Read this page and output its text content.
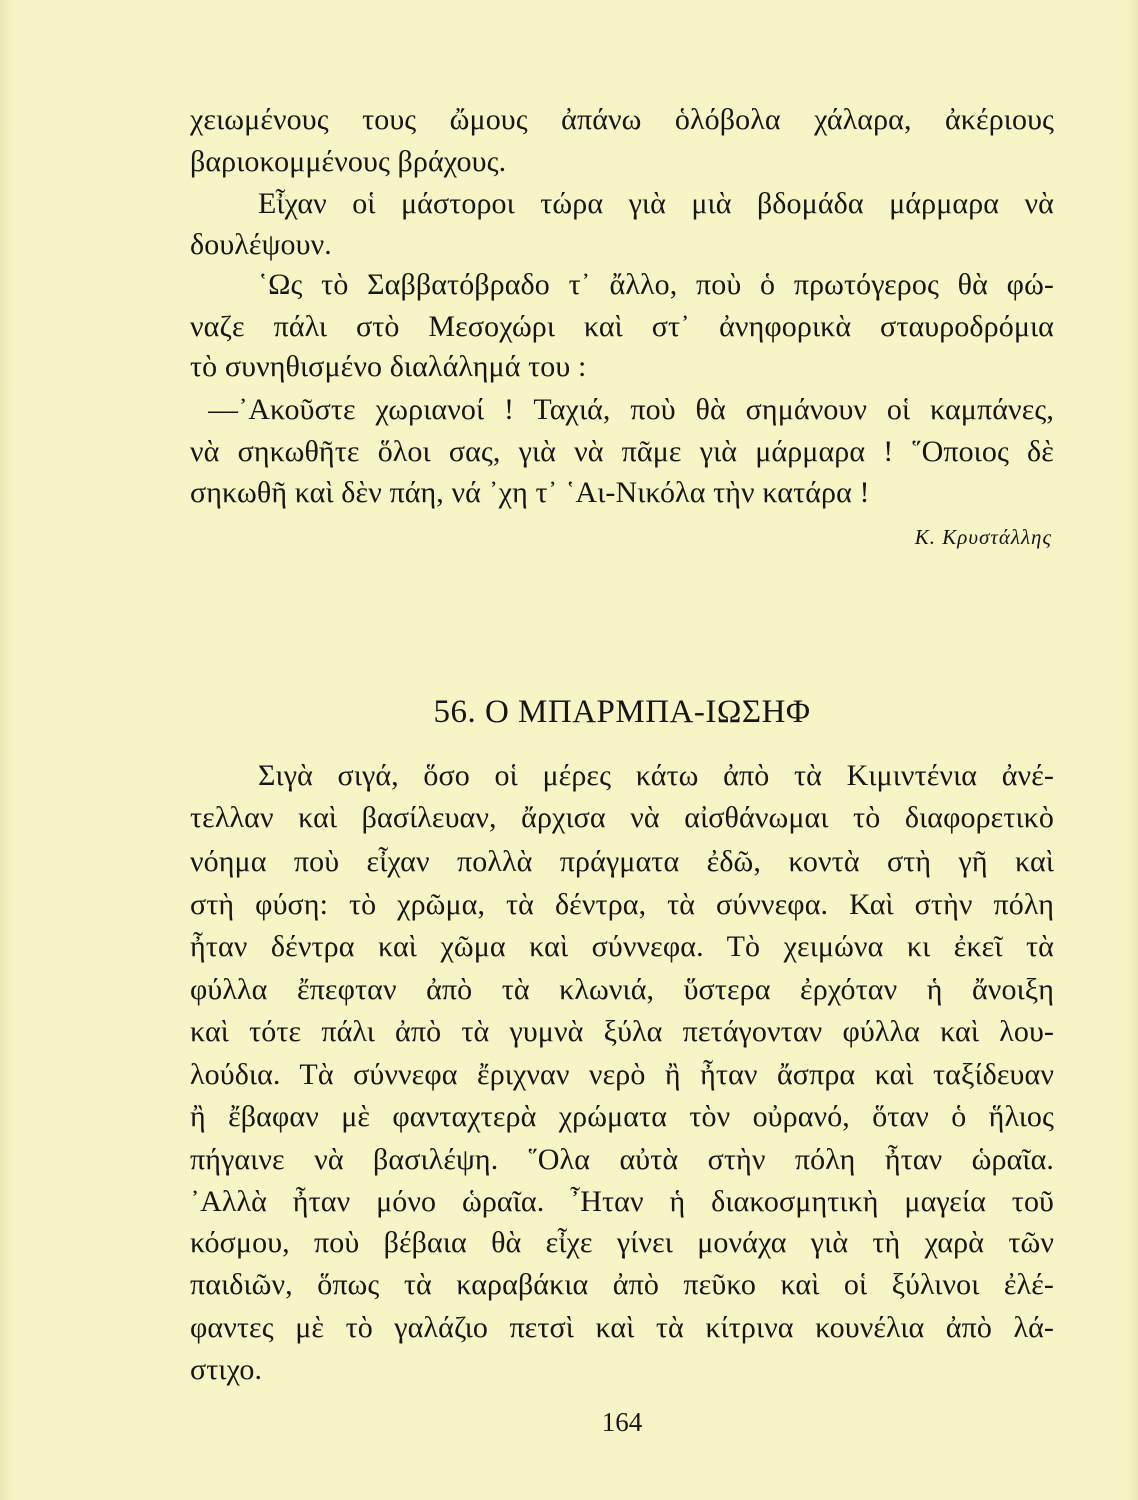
χειωμένους τους ὤμους ἀπάνω ὁλόβολα χάλαρα, ἀκέριους
βαριοκομμένους βράχους.
Εἶχαν οἱ μάστοροι τώρα γιὰ μιὰ βδομάδα μάρμαρα νὰ
δουλέψουν.
῾Ως τὸ Σαββατόβραδο τ᾿ ἄλλο, ποὺ ὁ πρωτόγερος θὰ φώ-
ναζε πάλι στὸ Μεσοχώρι καὶ στ᾿ ἀνηφορικὰ σταυροδρόμια
τὸ συνηθισμένο διαλάλημά του :
—᾿Ακοῦστε χωριανοί ! Ταχιά, ποὺ θὰ σημάνουν οἱ καμπάνες,
νὰ σηκωθῆτε ὅλοι σας, γιὰ νὰ πᾶμε γιὰ μάρμαρα ! ῞Οποιος δὲ
σηκωθῆ καὶ δὲν πάη, νά ᾿χη τ᾿ ῾Αι-Νικόλα τὴν κατάρα !
Κ. Κρυστάλλης
56. Ο ΜΠΑΡΜΠΑ-ΙΩΣΗΦ
Σιγὰ σιγά, ὅσο οἱ μέρες κάτω ἀπὸ τὰ Κιμιντένια ἀνέ-
τελλαν καὶ βασίλευαν, ἄρχισα νὰ αἰσθάνωμαι τὸ διαφορετικὸ
νόημα ποὺ εἶχαν πολλὰ πράγματα ἐδῶ, κοντὰ στὴ γῆ καὶ
στὴ φύση: τὸ χρῶμα, τὰ δέντρα, τὰ σύννεφα. Καὶ στὴν πόλη
ἦταν δέντρα καὶ χῶμα καὶ σύννεφα. Τὸ χειμώνα κι ἐκεῖ τὰ
φύλλα ἔπεφταν ἀπὸ τὰ κλωνιά, ὕστερα ἐρχόταν ἡ ἄνοιξη
καὶ τότε πάλι ἀπὸ τὰ γυμνὰ ξύλα πετάγονταν φύλλα καὶ λου-
λούδια. Τὰ σύννεφα ἔριχναν νερὸ ἢ ἦταν ἄσπρα καὶ ταξίδευαν
ἢ ἔβαφαν μὲ φανταχτερὰ χρώματα τὸν οὐρανό, ὅταν ὁ ἥλιος
πήγαινε νὰ βασιλέψη. ῞Ολα αὐτὰ στὴν πόλη ἦταν ὡραῖα.
᾿Αλλὰ ἦταν μόνο ὡραῖα. ῏Ηταν ἡ διακοσμητικὴ μαγεία τοῦ
κόσμου, ποὺ βέβαια θὰ εἶχε γίνει μονάχα γιὰ τὴ χαρὰ τῶν
παιδιῶν, ὅπως τὰ καραβάκια ἀπὸ πεῦκο καὶ οἱ ξύλινοι ἐλέ-
φαντες μὲ τὸ γαλάζιο πετσὶ καὶ τὰ κίτρινα κουνέλια ἀπὸ λά-
στιχο.
164
